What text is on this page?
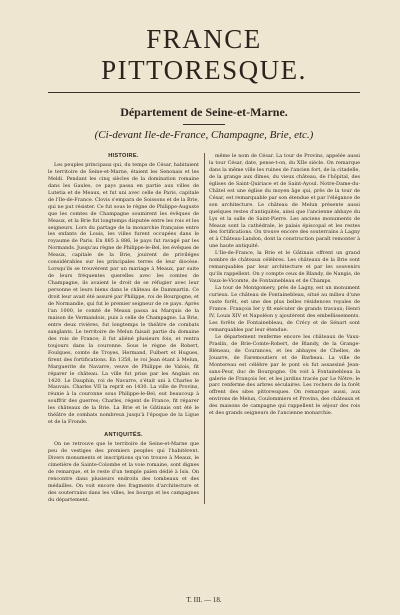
FRANCE PITTORESQUE.
Département de Seine-et-Marne.
(Ci-devant Ile-de-France, Champagne, Brie, etc.)
HISTOIRE.

Les peuples principaux qui, du temps de César, habitaient le territoire de Seine-et-Marne, étaient les Senonais et les Meldi. Pendant les cinq siècles de la domination romaine dans les Gaules, ce pays passa en partie aux villes de Lutetia et de Meaux, et fut uni avec celle de Paris, capitale de l'Ile-de-France. Clovis s'empara de Soissons et de la Brie, qui ne put résister. Ce fut sous le règne de Philippe-Auguste que les comtes de Champagne soumirent les évêques de Meaux, et la Brie fut longtemps disputée entre les rois et les seigneurs. Lors du partage de la monarchie française entre les enfants de Louis, les villes furent occupées dans le royaume de Paris. En 885 à 886, le pays fut ravagé par les Normands. Jusqu'au règne de Philippe-le-Bel, les évêques de Meaux, capitale de la Brie, jouirent de priviléges considérables sur les principales terres de leur diocèse. Lorsqu'ils se trouvèrent par un mariage à Meaux, par suite de leurs fréquentes querelles avec les comtes de Champagne, ils avaient le droit de se réfugier avec leur personne et leurs biens dans le château de Dammartin. Ce droit leur avait été assuré par Philippe, roi de Bourgogne, et de Normandie, qui fut le premier seigneur de ce pays. Après l'an 1000, le comté de Meaux passa au Marquis de la maison de Vermandois, puis à celle de Champagne. La Brie, entre deux rivières, fut longtemps le théâtre de combats sanglants. Le territoire de Melun faisait partie du domaine des rois de France; il fut aliéné plusieurs fois, et rentra toujours dans la couronne. Sous le règne de Robert, Foulques, comte de Troyes, Hermand, Fulbert et Hugues, firent des fortifications. En 1358, le roi Jean étant à Melun, Marguerite de Navarre, veuve de Philippe de Valois, fit réparer le château. La ville fut prise par les Anglais en 1420. Le Dauphin, roi de Navarre, s'était uni à Charles le Mauvais. Charles VII la reprit en 1430. La ville de Provins, réunie à la couronne sous Philippe-le-Bel, eut beaucoup à souffrir des guerres; Charles, régent de France, fit réparer les châteaux de la Brie. La Brie et le Gâtinais ont été le théâtre de combats nombreux jusqu'à l'époque de la Ligue et de la Fronde.

ANTIQUITÉS.

On ne retrouve que le territoire de Seine-et-Marne que peu de vestiges des premiers peuples qui l'habitèrent. Divers monuments et inscriptions qu'on trouve à Meaux, le cimetière de Sainte-Colombe et la voie romaine, sont dignes de remarque, et le reste d'un temple païen dédié à Isis. On rencontre dans plusieurs endroits des tombeaux et des médailles. On voit encore des fragments d'architecture et des souterrains dans les villes, les bourgs et les campagnes du département.

même le nom de César. La tour de Provins, appelée aussi la tour César, date, pense-t-on, du XIIe siècle. On remarque dans la même ville les ruines de l'ancien fort, de la citadelle, de la grange aux dîmes, du vieux château, de l'hôpital, des églises de Saint-Quiriace et de Saint-Ayoul. Notre-Dame-du-Châtel est une église du moyen âge qui, près de la tour de César, est remarquable par son étendue et par l'élégance de son architecture. Le château de Melun présente aussi quelques restes d'antiquités, ainsi que l'ancienne abbaye du Lys et la salle de Saint-Pierre. Les anciens monuments de Meaux sont la cathédrale, le palais épiscopal et les restes des fortifications. On trouve encore des souterrains à Lagny et à Château-Landon, dont la construction paraît remonter à une haute antiquité.

L'Ile-de-France, la Brie et le Gâtinais offrent un grand nombre de châteaux célèbres. Les châteaux de la Brie sont remarquables par leur architecture et par les souvenirs qu'ils rappellent. On y compte ceux de Blandy, de Nangis, de Vaux-le-Vicomte, de Fontainebleau et de Champs.

La tour de Montgomery, près de Lagny, est un monument curieux. Le château de Fontainebleau, situé au milieu d'une vaste forêt, est une des plus belles résidences royales de France. François Ier y fit exécuter de grands travaux; Henri IV, Louis XIV et Napoléon y ajoutèrent des embellissements. Les forêts de Fontainebleau, de Crécy et de Sénart sont remarquables par leur étendue.

Le département renferme encore les châteaux de Vaux-Praslin, de Brie-Comte-Robert, de Blandy, de la Grange-Bléneau, de Courances, et les abbayes de Chelles, de Jouarre, de Faremoutiers et de Barbeau. La ville de Montereau est célèbre par le pont où fut assassiné Jean-sans-Peur, duc de Bourgogne. On voit à Fontainebleau la galerie de François Ier, et les jardins tracés par Le Nôtre; le parc renferme des arbres séculaires. Les rochers de la forêt offrent des sites pittoresques. On remarque aussi, aux environs de Melun, Coulommiers et Provins, des châteaux et des maisons de campagne qui rappellent le séjour des rois et des grands seigneurs de l'ancienne monarchie.

T. III. — 18.
